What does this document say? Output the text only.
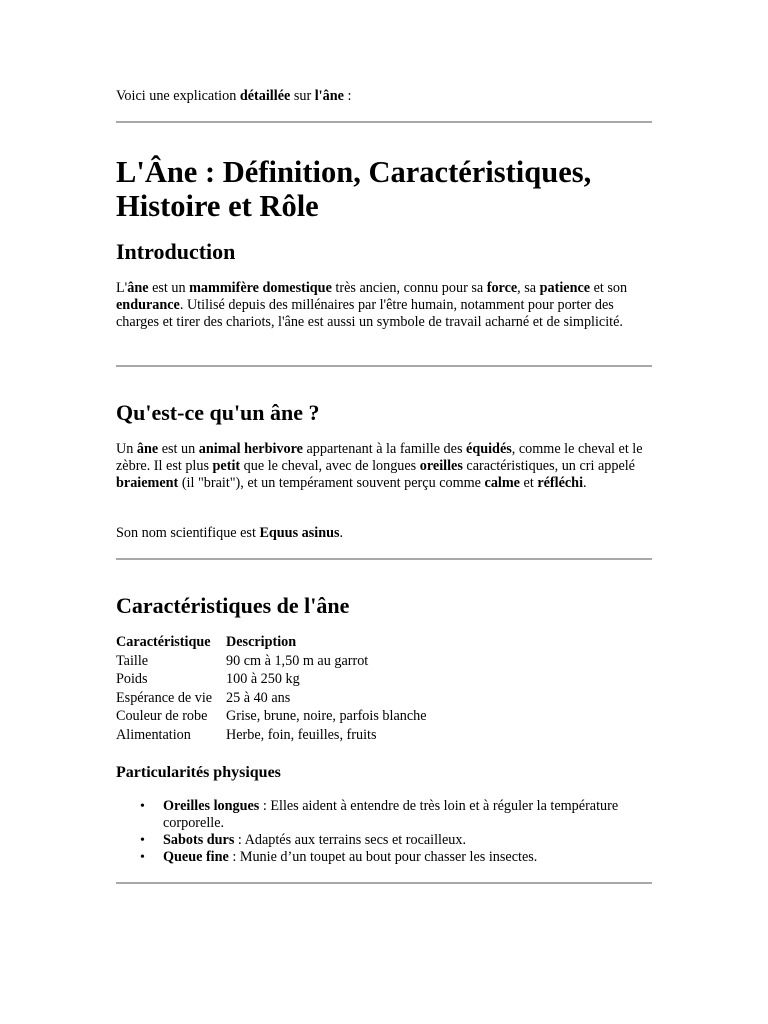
Voici une explication détaillée sur l'âne :

L'Âne : Définition, Caractéristiques, Histoire et Rôle
Introduction

L'âne est un mammifère domestique très ancien, connu pour sa force, sa patience et son endurance. Utilisé depuis des millénaires par l'être humain, notamment pour porter des charges et tirer des chariots, l'âne est aussi un symbole de travail acharné et de simplicité.

Qu'est-ce qu'un âne ?

Un âne est un animal herbivore appartenant à la famille des équidés, comme le cheval et le zèbre. Il est plus petit que le cheval, avec de longues oreilles caractéristiques, un cri appelé braiement (il "brait"), et un tempérament souvent perçu comme calme et réfléchi.

Son nom scientifique est Equus asinus.

Caractéristiques de l'âne
Caractéristique	Description
Taille	90 cm à 1,50 m au garrot
Poids	100 à 250 kg
Espérance de vie	25 à 40 ans
Couleur de robe	Grise, brune, noire, parfois blanche
Alimentation	Herbe, foin, feuilles, fruits
Particularités physiques
• Oreilles longues : Elles aident à entendre de très loin et à réguler la température corporelle.
• Sabots durs : Adaptés aux terrains secs et rocailleux.
• Queue fine : Munie d’un toupet au bout pour chasser les insectes.
